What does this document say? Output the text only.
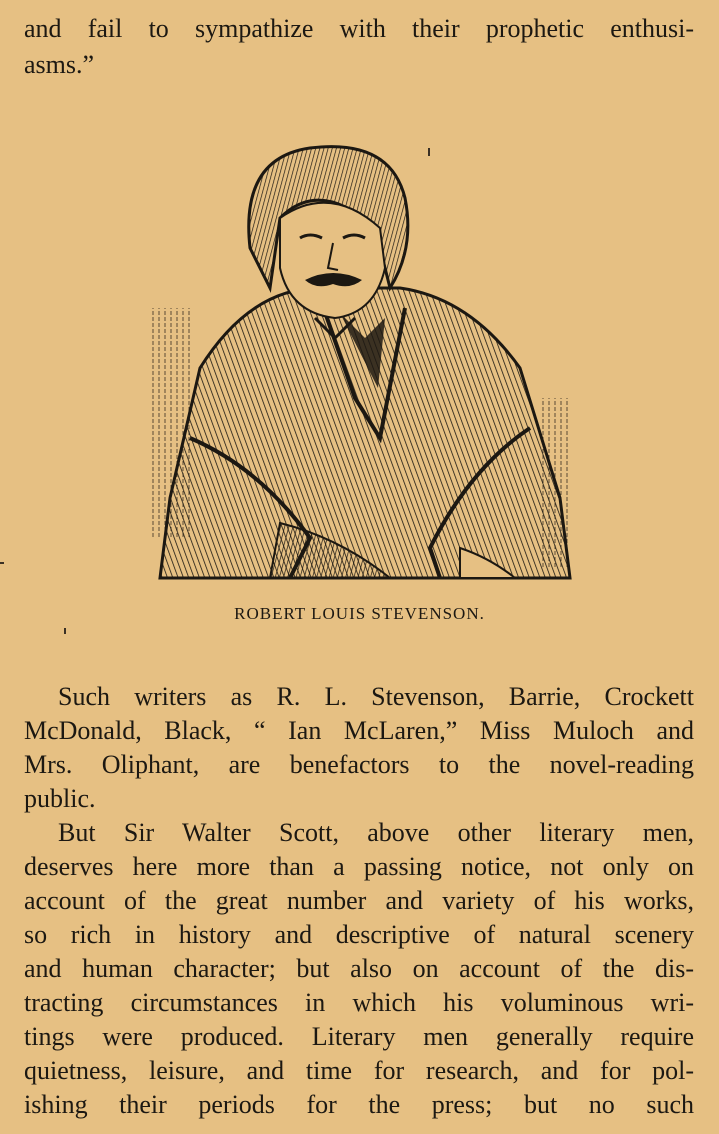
and fail to sympathize with their prophetic enthusi-
asms.”
ROBERT LOUIS STEVENSON.
Such writers as R. L. Stevenson, Barrie, Crockett
McDonald, Black, “ Ian McLaren,” Miss Muloch and
Mrs. Oliphant, are benefactors to the novel-reading
public.
But Sir Walter Scott, above other literary men,
deserves here more than a passing notice, not only on
account of the great number and variety of his works,
so rich in history and descriptive of natural scenery
and human character; but also on account of the dis-
tracting circumstances in which his voluminous wri-
tings were produced. Literary men generally require
quietness, leisure, and time for research, and for pol-
ishing their periods for the press; but no such
